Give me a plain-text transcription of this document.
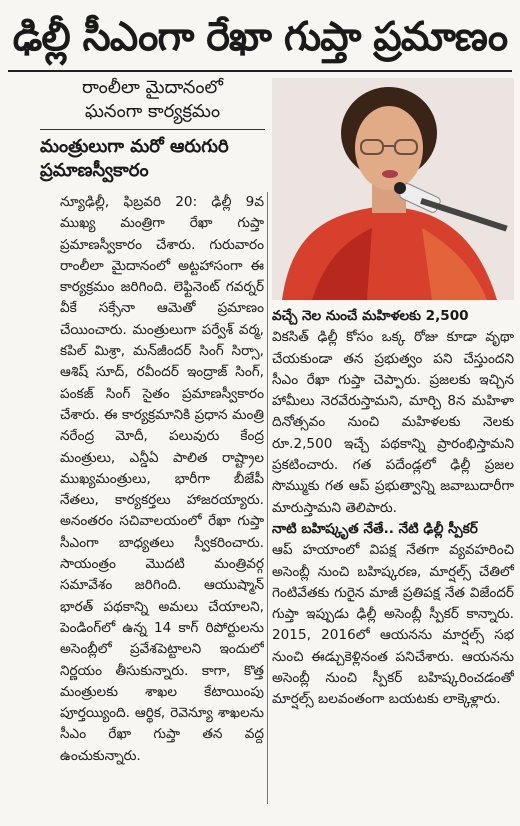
ఢిల్లీ సీఎంగా రేఖా గుప్తా ప్రమాణం
రాంలీలా మైదానంలో
ఘనంగా కార్యక్రమం
మంత్రులుగా మరో ఆరుగురి
ప్రమాణస్వీకారం
న్యూఢిల్లీ, ఫిబ్రవరి 20: ఢిల్లీ 9వ ముఖ్య మంత్రిగా రేఖా గుప్తా ప్రమాణస్వీకారం చేశారు. గురువారం రాంలీలా మైదానంలో అట్టహాసంగా ఈ కార్యక్రమం జరిగింది. లెఫ్టినెంట్ గవర్నర్ వీకే సక్సేనా ఆమెతో ప్రమాణం చేయించారు. మంత్రులుగా పర్వేశ్ వర్మ, కపిల్ మిశ్రా, మన్‌జీందర్ సింగ్ సిర్సా, ఆశిష్ సూద్, రవీందర్ ఇంద్రాజ్ సింగ్, పంకజ్ సింగ్ సైతం ప్రమాణస్వీకారం చేశారు. ఈ కార్యక్రమానికి ప్రధాన మంత్రి నరేంద్ర మోదీ, పలువురు కేంద్ర మంత్రులు, ఎన్డీఏ పాలిత రాష్ట్రాల ముఖ్యమంత్రులు, భారీగా బీజేపీ నేతలు, కార్యకర్తలు హాజరయ్యారు. అనంతరం సచివాలయంలో రేఖా గుప్తా సీఎంగా బాధ్యతలు స్వీకరించారు. సాయంత్రం మొదటి మంత్రివర్గ సమావేశం జరిగింది. ఆయుష్మాన్ భారత్ పథకాన్ని అమలు చేయాలని, పెండింగ్‌లో ఉన్న 14 కాగ్ రిపోర్టులను అసెంబ్లీలో ప్రవేశపెట్టాలని ఇందులో నిర్ణయం తీసుకున్నారు. కాగా, కొత్త మంత్రులకు శాఖల కేటాయింపు పూర్తయ్యింది. ఆర్థిక, రెవెన్యూ శాఖలను సీఎం రేఖా గుప్తా తన వద్ద ఉంచుకున్నారు.
వచ్చే నెల నుంచే మహిళలకు 2,500
వికసిత్ ఢిల్లీ కోసం ఒక్క రోజు కూడా వృథా చేయకుండా తన ప్రభుత్వం పని చేస్తుందని సీఎం రేఖా గుప్తా చెప్పారు. ప్రజలకు ఇచ్చిన హామీలు నెరవేరుస్తామని, మార్చి 8న మహిళా దినోత్సవం నుంచి మహిళలకు నెలకు రూ.2,500 ఇచ్చే పథకాన్ని ప్రారంభిస్తామని ప్రకటించారు. గత పదేండ్లలో ఢిల్లీ ప్రజల సొమ్ముకు గత ఆప్ ప్రభుత్వాన్ని జవాబుదారీగా మారుస్తామని తెలిపారు.
నాటి బహిష్కృత నేతే.. నేటి ఢిల్లీ స్పీకర్
ఆప్ హయాంలో విపక్ష నేతగా వ్యవహరించి అసెంబ్లీ నుంచి బహిష్కరణ, మార్షల్స్ చేతిలో గెంటివేతకు గురైన మాజీ ప్రతిపక్ష నేత విజేందర్ గుప్తా ఇప్పుడు ఢిల్లీ అసెంబ్లీ స్పీకర్ కాన్నారు. 2015, 2016లో ఆయనను మార్షల్స్ సభ నుంచి ఈడ్చుకెళ్లినంత పనిచేశారు. ఆయనను అసెంబ్లీ నుంచి స్పీకర్ బహిష్కరించడంతో మార్షల్స్ బలవంతంగా బయటకు లాక్కెళ్లారు.
